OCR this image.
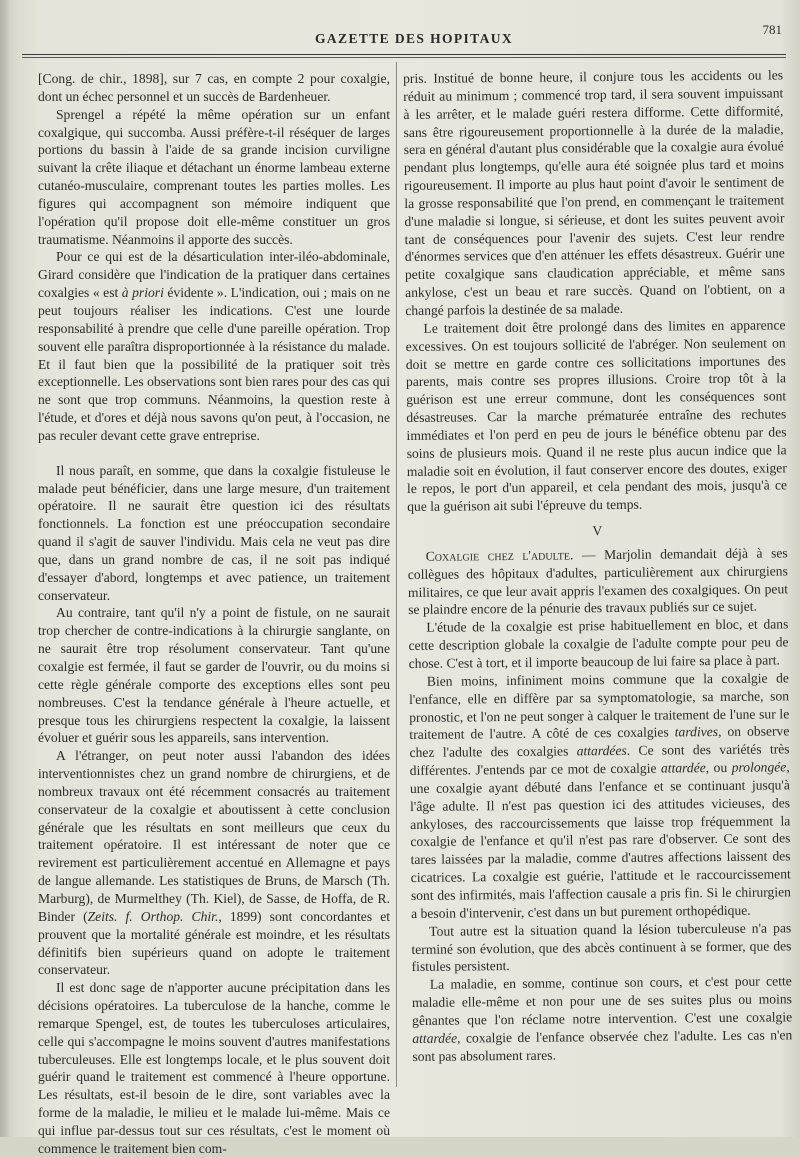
GAZETTE DES HOPITAUX
781

[Cong. de chir., 1898], sur 7 cas, en compte 2 pour coxalgie, dont un échec personnel et un succès de Bardenheuer.

Sprengel a répété la même opération sur un enfant coxalgique, qui succomba. Aussi préfère-t-il réséquer de larges portions du bassin à l'aide de sa grande incision curviligne suivant la crête iliaque et détachant un énorme lambeau externe cutanéo-musculaire, comprenant toutes les parties molles. Les figures qui accompagnent son mémoire indiquent que l'opération qu'il propose doit elle-même constituer un gros traumatisme. Néanmoins il apporte des succès.

Pour ce qui est de la désarticulation inter-iléo-abdominale, Girard considère que l'indication de la pratiquer dans certaines coxalgies « est à priori évidente ». L'indication, oui ; mais on ne peut toujours réaliser les indications. C'est une lourde responsabilité à prendre que celle d'une pareille opération. Trop souvent elle paraîtra disproportionnée à la résistance du malade. Et il faut bien que la possibilité de la pratiquer soit très exceptionnelle. Les observations sont bien rares pour des cas qui ne sont que trop communs. Néanmoins, la question reste à l'étude, et d'ores et déjà nous savons qu'on peut, à l'occasion, ne pas reculer devant cette grave entreprise.

Il nous paraît, en somme, que dans la coxalgie fistuleuse le malade peut bénéficier, dans une large mesure, d'un traitement opératoire. Il ne saurait être question ici des résultats fonctionnels. La fonction est une préoccupation secondaire quand il s'agit de sauver l'individu. Mais cela ne veut pas dire que, dans un grand nombre de cas, il ne soit pas indiqué d'essayer d'abord, longtemps et avec patience, un traitement conservateur.

Au contraire, tant qu'il n'y a point de fistule, on ne saurait trop chercher de contre-indications à la chirurgie sanglante, on ne saurait être trop résolument conservateur. Tant qu'une coxalgie est fermée, il faut se garder de l'ouvrir, ou du moins si cette règle générale comporte des exceptions elles sont peu nombreuses. C'est la tendance générale à l'heure actuelle, et presque tous les chirurgiens respectent la coxalgie, la laissent évoluer et guérir sous les appareils, sans intervention.

A l'étranger, on peut noter aussi l'abandon des idées interventionnistes chez un grand nombre de chirurgiens, et de nombreux travaux ont été récemment consacrés au traitement conservateur de la coxalgie et aboutissent à cette conclusion générale que les résultats en sont meilleurs que ceux du traitement opératoire. Il est intéressant de noter que ce revirement est particulièrement accentué en Allemagne et pays de langue allemande. Les statistiques de Bruns, de Marsch (Th. Marburg), de Murmelthey (Th. Kiel), de Sasse, de Hoffa, de R. Binder (Zeits. f. Orthop. Chir., 1899) sont concordantes et prouvent que la mortalité générale est moindre, et les résultats définitifs bien supérieurs quand on adopte le traitement conservateur.

Il est donc sage de n'apporter aucune précipitation dans les décisions opératoires. La tuberculose de la hanche, comme le remarque Spengel, est, de toutes les tuberculoses articulaires, celle qui s'accompagne le moins souvent d'autres manifestations tuberculeuses. Elle est longtemps locale, et le plus souvent doit guérir quand le traitement est commencé à l'heure opportune. Les résultats, est-il besoin de le dire, sont variables avec la forme de la maladie, le milieu et le malade lui-même. Mais ce qui influe par-dessus tout sur ces résultats, c'est le moment où commence le traitement bien com-

pris. Institué de bonne heure, il conjure tous les accidents ou les réduit au minimum ; commencé trop tard, il sera souvent impuissant à les arrêter, et le malade guéri restera difforme. Cette difformité, sans être rigoureusement proportionnelle à la durée de la maladie, sera en général d'autant plus considérable que la coxalgie aura évolué pendant plus longtemps, qu'elle aura été soignée plus tard et moins rigoureusement. Il importe au plus haut point d'avoir le sentiment de la grosse responsabilité que l'on prend, en commençant le traitement d'une maladie si longue, si sérieuse, et dont les suites peuvent avoir tant de conséquences pour l'avenir des sujets. C'est leur rendre d'énormes services que d'en atténuer les effets désastreux. Guérir une petite coxalgique sans claudication appréciable, et même sans ankylose, c'est un beau et rare succès. Quand on l'obtient, on a changé parfois la destinée de sa malade.

Le traitement doit être prolongé dans des limites en apparence excessives. On est toujours sollicité de l'abréger. Non seulement on doit se mettre en garde contre ces sollicitations importunes des parents, mais contre ses propres illusions. Croire trop tôt à la guérison est une erreur commune, dont les conséquences sont désastreuses. Car la marche prématurée entraîne des rechutes immédiates et l'on perd en peu de jours le bénéfice obtenu par des soins de plusieurs mois. Quand il ne reste plus aucun indice que la maladie soit en évolution, il faut conserver encore des doutes, exiger le repos, le port d'un appareil, et cela pendant des mois, jusqu'à ce que la guérison ait subi l'épreuve du temps.

V

Coxalgie chez l'adulte. — Marjolin demandait déjà à ses collègues des hôpitaux d'adultes, particulièrement aux chirurgiens militaires, ce que leur avait appris l'examen des coxalgiques. On peut se plaindre encore de la pénurie des travaux publiés sur ce sujet.

L'étude de la coxalgie est prise habituellement en bloc, et dans cette description globale la coxalgie de l'adulte compte pour peu de chose. C'est à tort, et il importe beaucoup de lui faire sa place à part.

Bien moins, infiniment moins commune que la coxalgie de l'enfance, elle en diffère par sa symptomatologie, sa marche, son pronostic, et l'on ne peut songer à calquer le traitement de l'une sur le traitement de l'autre. A côté de ces coxalgies tardives, on observe chez l'adulte des coxalgies attardées. Ce sont des variétés très différentes. J'entends par ce mot de coxalgie attardée, ou prolongée, une coxalgie ayant débuté dans l'enfance et se continuant jusqu'à l'âge adulte. Il n'est pas question ici des attitudes vicieuses, des ankyloses, des raccourcissements que laisse trop fréquemment la coxalgie de l'enfance et qu'il n'est pas rare d'observer. Ce sont des tares laissées par la maladie, comme d'autres affections laissent des cicatrices. La coxalgie est guérie, l'attitude et le raccourcissement sont des infirmités, mais l'affection causale a pris fin. Si le chirurgien a besoin d'intervenir, c'est dans un but purement orthopédique.

Tout autre est la situation quand la lésion tuberculeuse n'a pas terminé son évolution, que des abcès continuent à se former, que des fistules persistent.

La maladie, en somme, continue son cours, et c'est pour cette maladie elle-même et non pour une de ses suites plus ou moins gênantes que l'on réclame notre intervention. C'est une coxalgie attardée, coxalgie de l'enfance observée chez l'adulte. Les cas n'en sont pas absolument rares.
